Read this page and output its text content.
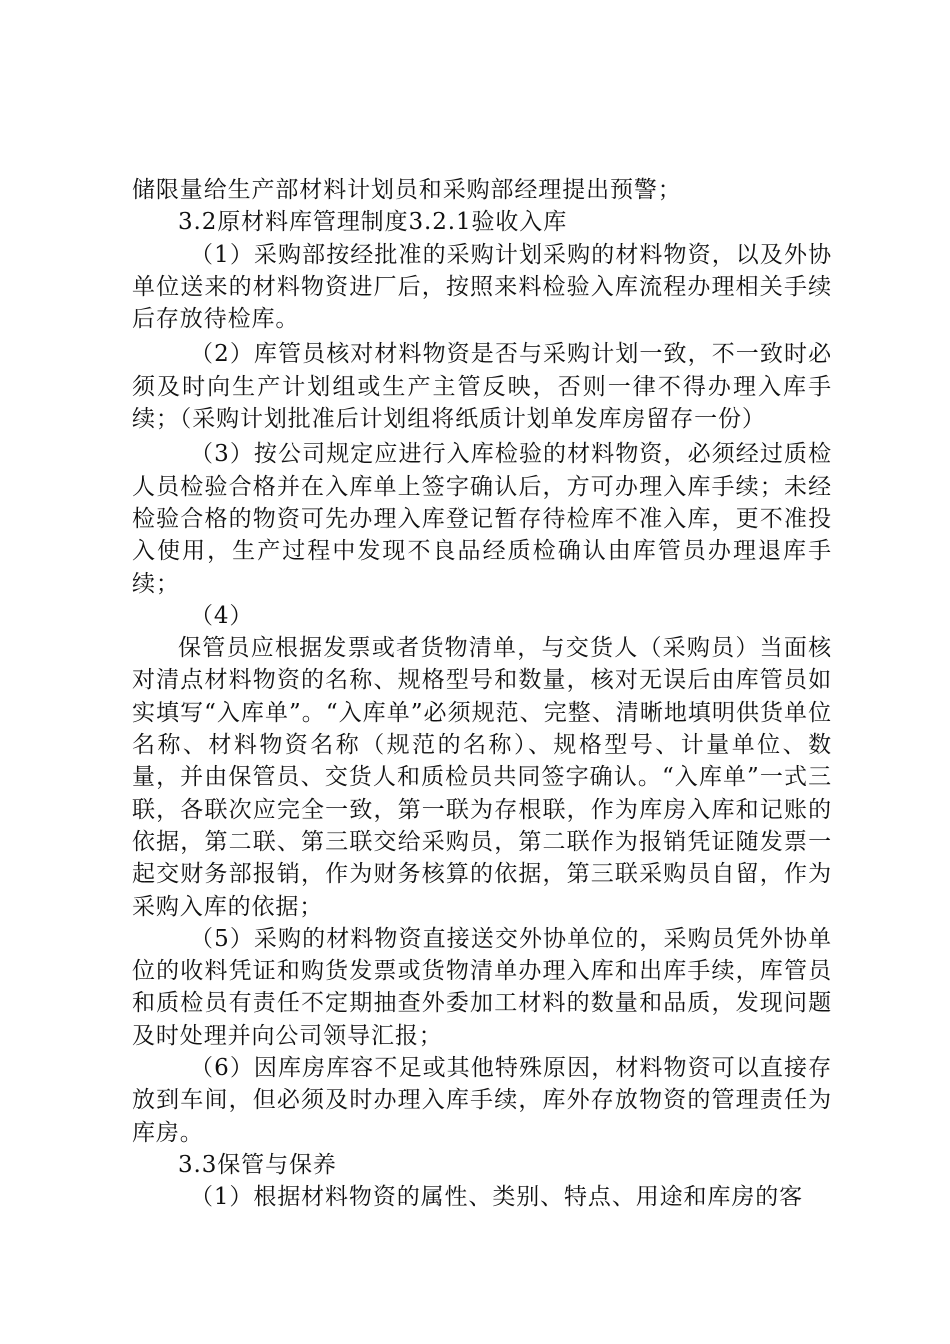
储限量给生产部材料计划员和采购部经理提出预警；

3.2原材料库管理制度3.2.1验收入库

（1）采购部按经批准的采购计划采购的材料物资，以及外协单位送来的材料物资进厂后，按照来料检验入库流程办理相关手续后存放待检库。

（2）库管员核对材料物资是否与采购计划一致，不一致时必须及时向生产计划组或生产主管反映，否则一律不得办理入库手续；（采购计划批准后计划组将纸质计划单发库房留存一份）

（3）按公司规定应进行入库检验的材料物资，必须经过质检人员检验合格并在入库单上签字确认后，方可办理入库手续；未经检验合格的物资可先办理入库登记暂存待检库不准入库，更不准投入使用，生产过程中发现不良品经质检确认由库管员办理退库手续；

（4）

保管员应根据发票或者货物清单，与交货人（采购员）当面核对清点材料物资的名称、规格型号和数量，核对无误后由库管员如实填写“入库单”。“入库单”必须规范、完整、清晰地填明供货单位名称、材料物资名称（规范的名称）、规格型号、计量单位、数量，并由保管员、交货人和质检员共同签字确认。“入库单”一式三联，各联次应完全一致，第一联为存根联，作为库房入库和记账的依据，第二联、第三联交给采购员，第二联作为报销凭证随发票一起交财务部报销，作为财务核算的依据，第三联采购员自留，作为采购入库的依据；

（5）采购的材料物资直接送交外协单位的，采购员凭外协单位的收料凭证和购货发票或货物清单办理入库和出库手续，库管员和质检员有责任不定期抽查外委加工材料的数量和品质，发现问题及时处理并向公司领导汇报；

（6）因库房库容不足或其他特殊原因，材料物资可以直接存放到车间，但必须及时办理入库手续，库外存放物资的管理责任为库房。

3.3保管与保养

（1）根据材料物资的属性、类别、特点、用途和库房的客
